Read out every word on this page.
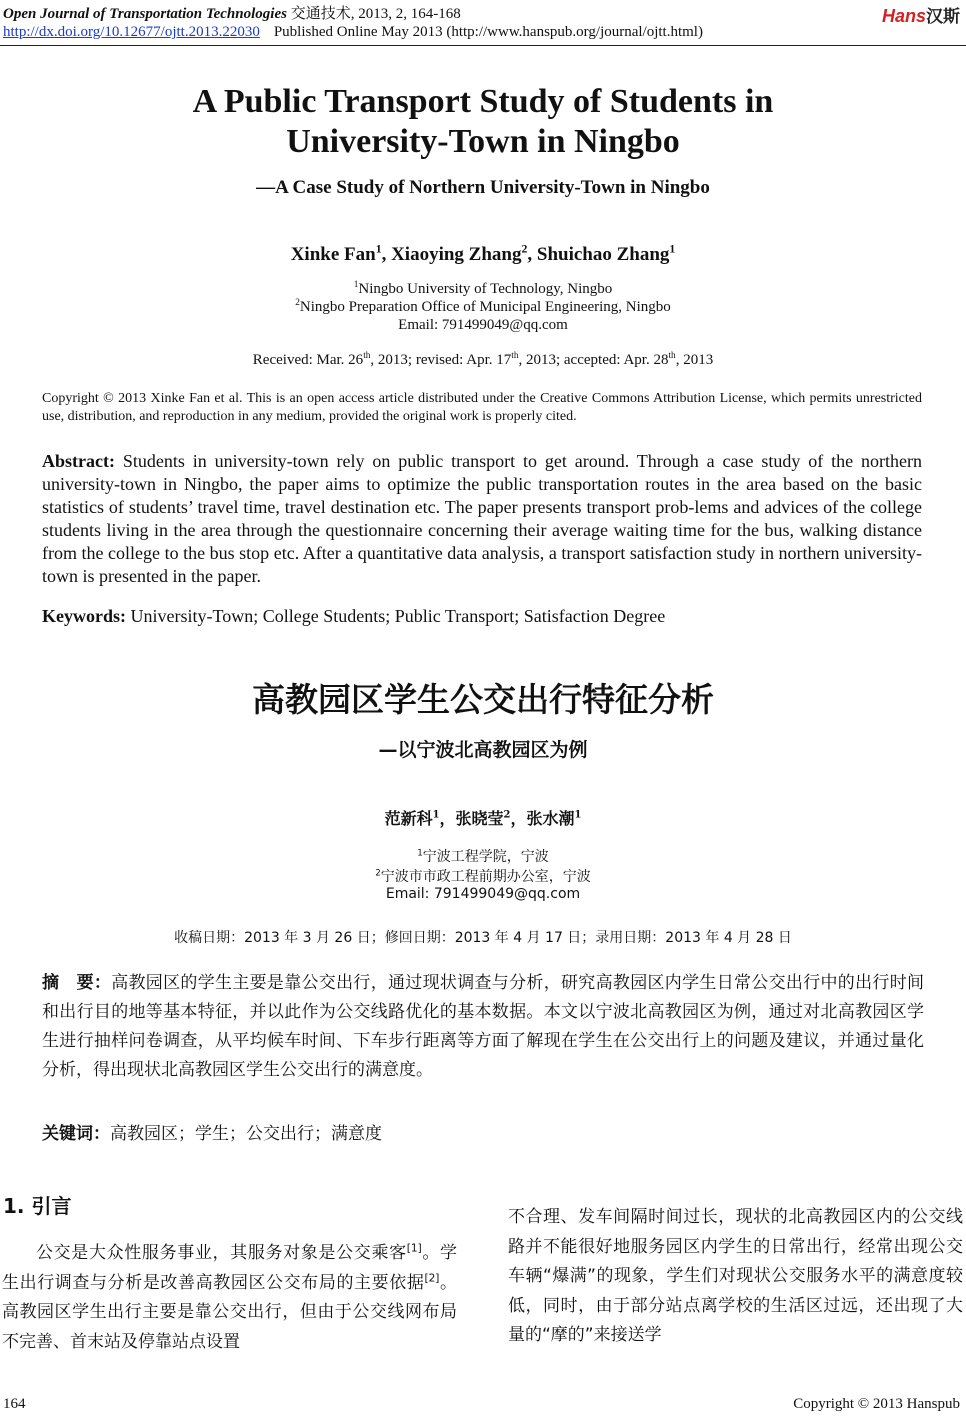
Open Journal of Transportation Technologies 交通技术, 2013, 2, 164-168
http://dx.doi.org/10.12677/ojtt.2013.22030 Published Online May 2013 (http://www.hanspub.org/journal/ojtt.html)
Hans汉斯
A Public Transport Study of Students in
University-Town in Ningbo
—A Case Study of Northern University-Town in Ningbo
Xinke Fan$^1$, Xiaoying Zhang$^2$, Shuichao Zhang$^1$
$^1$Ningbo University of Technology, Ningbo
$^2$Ningbo Preparation Office of Municipal Engineering, Ningbo
Email: 791499049@qq.com
Received: Mar. 26th, 2013; revised: Apr. 17th, 2013; accepted: Apr. 28th, 2013
Copyright © 2013 Xinke Fan et al. This is an open access article distributed under the Creative Commons Attribution License, which permits unrestricted use, distribution, and reproduction in any medium, provided the original work is properly cited.
Abstract: Students in university-town rely on public transport to get around. Through a case study of the northern university-town in Ningbo, the paper aims to optimize the public transportation routes in the area based on the basic statistics of students’ travel time, travel destination etc. The paper presents transport prob-lems and advices of the college students living in the area through the questionnaire concerning their average waiting time for the bus, walking distance from the college to the bus stop etc. After a quantitative data analysis, a transport satisfaction study in northern university-town is presented in the paper.
Keywords: University-Town; College Students; Public Transport; Satisfaction Degree
高教园区学生公交出行特征分析
—以宁波北高教园区为例
范新科$^1$，张晓莹$^2$，张水潮$^1$
$^1$宁波工程学院，宁波
$^2$宁波市市政工程前期办公室，宁波
Email: 791499049@qq.com
收稿日期：2013 年 3 月 26 日；修回日期：2013 年 4 月 17 日；录用日期：2013 年 4 月 28 日
摘　要：高教园区的学生主要是靠公交出行，通过现状调查与分析，研究高教园区内学生日常公交出行中的出行时间和出行目的地等基本特征，并以此作为公交线路优化的基本数据。本文以宁波北高教园区为例，通过对北高教园区学生进行抽样问卷调查，从平均候车时间、下车步行距离等方面了解现在学生在公交出行上的问题及建议，并通过量化分析，得出现状北高教园区学生公交出行的满意度。
关键词：高教园区；学生；公交出行；满意度
1. 引言
公交是大众性服务事业，其服务对象是公交乘客[1]。学生出行调查与分析是改善高教园区公交布局的主要依据[2]。高教园区学生出行主要是靠公交出行，但由于公交线网布局不完善、首末站及停靠站点设置
不合理、发车间隔时间过长，现状的北高教园区内的公交线路并不能很好地服务园区内学生的日常出行，经常出现公交车辆“爆满”的现象，学生们对现状公交服务水平的满意度较低，同时，由于部分站点离学校的生活区过远，还出现了大量的“摩的”来接送学
164	Copyright © 2013 Hanspub
